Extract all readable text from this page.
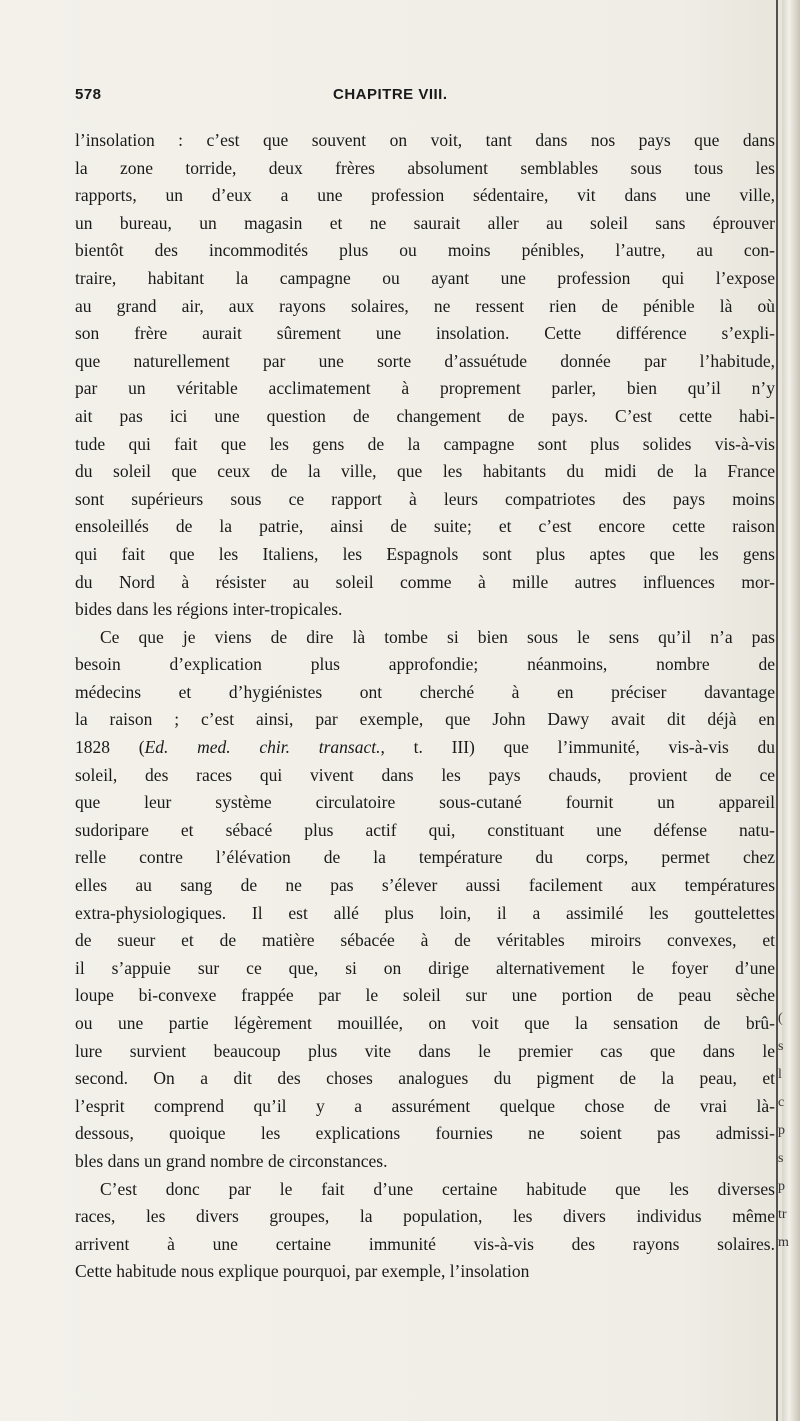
578	CHAPITRE VIII.
l’insolation : c’est que souvent on voit, tant dans nos pays que dans
la zone torride, deux frères absolument semblables sous tous les
rapports, un d’eux a une profession sédentaire, vit dans une ville,
un bureau, un magasin et ne saurait aller au soleil sans éprouver
bientôt des incommodités plus ou moins pénibles, l’autre, au con-
traire, habitant la campagne ou ayant une profession qui l’expose
au grand air, aux rayons solaires, ne ressent rien de pénible là où
son frère aurait sûrement une insolation. Cette différence s’expli-
que naturellement par une sorte d’assuétude donnée par l’habitude,
par un véritable acclimatement à proprement parler, bien qu’il n’y
ait pas ici une question de changement de pays. C’est cette habi-
tude qui fait que les gens de la campagne sont plus solides vis-à-vis
du soleil que ceux de la ville, que les habitants du midi de la France
sont supérieurs sous ce rapport à leurs compatriotes des pays moins
ensoleillés de la patrie, ainsi de suite; et c’est encore cette raison
qui fait que les Italiens, les Espagnols sont plus aptes que les gens
du Nord à résister au soleil comme à mille autres influences mor-
bides dans les régions inter-tropicales.
Ce que je viens de dire là tombe si bien sous le sens qu’il n’a pas
besoin d’explication plus approfondie; néanmoins, nombre de
médecins et d’hygiénistes ont cherché à en préciser davantage
la raison ; c’est ainsi, par exemple, que John Dawy avait dit déjà en
1828 (Ed. med. chir. transact., t. III) que l’immunité, vis-à-vis du
soleil, des races qui vivent dans les pays chauds, provient de ce
que leur système circulatoire sous-cutané fournit un appareil
sudoripare et sébacé plus actif qui, constituant une défense natu-
relle contre l’élévation de la température du corps, permet chez
elles au sang de ne pas s’élever aussi facilement aux températures
extra-physiologiques. Il est allé plus loin, il a assimilé les gouttelettes
de sueur et de matière sébacée à de véritables miroirs convexes, et
il s’appuie sur ce que, si on dirige alternativement le foyer d’une
loupe bi-convexe frappée par le soleil sur une portion de peau sèche
ou une partie légèrement mouillée, on voit que la sensation de brû-
lure survient beaucoup plus vite dans le premier cas que dans le
second. On a dit des choses analogues du pigment de la peau, et
l’esprit comprend qu’il y a assurément quelque chose de vrai là-
dessous, quoique les explications fournies ne soient pas admissi-
bles dans un grand nombre de circonstances.
C’est donc par le fait d’une certaine habitude que les diverses
races, les divers groupes, la population, les divers individus même
arrivent à une certaine immunité vis-à-vis des rayons solaires.
Cette habitude nous explique pourquoi, par exemple, l’insolation
(
s
l
c
p
s
p
tr
m
